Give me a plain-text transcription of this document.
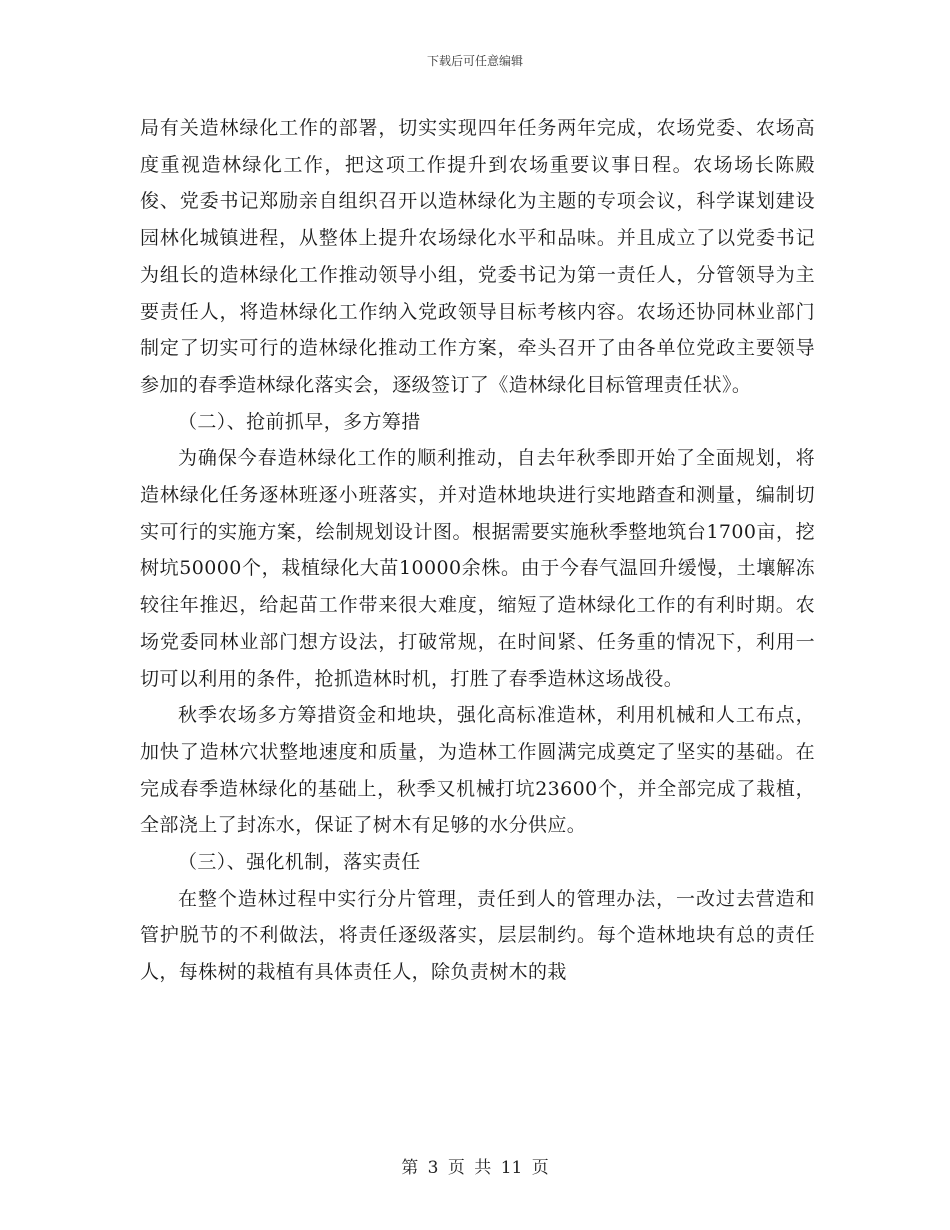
下载后可任意编辑

局有关造林绿化工作的部署，切实实现四年任务两年完成，农场党委、农场高度重视造林绿化工作，把这项工作提升到农场重要议事日程。农场场长陈殿俊、党委书记郑励亲自组织召开以造林绿化为主题的专项会议，科学谋划建设园林化城镇进程，从整体上提升农场绿化水平和品味。并且成立了以党委书记为组长的造林绿化工作推动领导小组，党委书记为第一责任人，分管领导为主要责任人，将造林绿化工作纳入党政领导目标考核内容。农场还协同林业部门制定了切实可行的造林绿化推动工作方案，牵头召开了由各单位党政主要领导参加的春季造林绿化落实会，逐级签订了《造林绿化目标管理责任状》。

（二）、抢前抓早，多方筹措

为确保今春造林绿化工作的顺利推动，自去年秋季即开始了全面规划，将造林绿化任务逐林班逐小班落实，并对造林地块进行实地踏查和测量，编制切实可行的实施方案，绘制规划设计图。根据需要实施秋季整地筑台1700亩，挖树坑50000个，栽植绿化大苗10000余株。由于今春气温回升缓慢，土壤解冻较往年推迟，给起苗工作带来很大难度，缩短了造林绿化工作的有利时期。农场党委同林业部门想方设法，打破常规，在时间紧、任务重的情况下，利用一切可以利用的条件，抢抓造林时机，打胜了春季造林这场战役。

秋季农场多方筹措资金和地块，强化高标准造林，利用机械和人工布点，加快了造林穴状整地速度和质量，为造林工作圆满完成奠定了坚实的基础。在完成春季造林绿化的基础上，秋季又机械打坑23600个，并全部完成了栽植，全部浇上了封冻水，保证了树木有足够的水分供应。

（三）、强化机制，落实责任

在整个造林过程中实行分片管理，责任到人的管理办法，一改过去营造和管护脱节的不利做法，将责任逐级落实，层层制约。每个造林地块有总的责任人，每株树的栽植有具体责任人，除负责树木的栽

第 3 页 共 11 页
